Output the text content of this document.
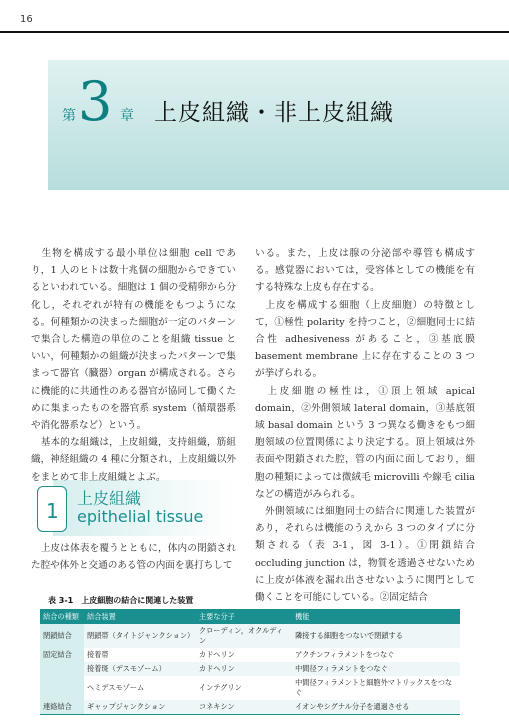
16
第 3 章 上皮組織・非上皮組織

　生物を構成する最小単位は細胞 cell であり，1 人のヒトは数十兆個の細胞からできているといわれている。細胞は 1 個の受精卵から分化し，それぞれが特有の機能をもつようになる。何種類かの決まった細胞が一定のパターンで集合した構造の単位のことを組織 tissue といい，何種類かの組織が決まったパターンで集まって器官（臓器）organ が構成される。さらに機能的に共通性のある器官が協同して働くために集まったものを器官系 system（循環器系や消化器系など）という。

　基本的な組織は，上皮組織，支持組織，筋組織，神経組織の 4 種に分類され，上皮組織以外をまとめて非上皮組織とよぶ。

1
上皮組織
epithelial tissue

　上皮は体表を覆うとともに，体内の閉鎖された腔や体外と交通のある管の内面を裏打ちして

いる。また，上皮は腺の分泌部や導管も構成する。感覚器においては，受容体としての機能を有する特殊な上皮も存在する。

　上皮を構成する細胞（上皮細胞）の特徴として，①極性 polarity を持つこと，②細胞同士に結合性 adhesiveness があること，③基底膜 basement membrane 上に存在することの 3 つが挙げられる。

　上皮細胞の極性は，①頂上領域 apical domain，②外側領域 lateral domain，③基底領域 basal domain という 3 つ異なる働きをもつ細胞領域の位置関係により決定する。頂上領域は外表面や閉鎖された腔，管の内面に面しており，細胞の種類によっては微絨毛 microvilli や線毛 cilia などの構造がみられる。

　外側領域には細胞同士の結合に関連した装置があり，それらは機能のうえから 3 つのタイプに分類される（表 3-1，図 3-1）。①閉鎖結合 occluding junction は，物質を透過させないために上皮が体液を漏れ出させないように関門として働くことを可能にしている。②固定結合

表 3-1　上皮細胞の結合に関連した装置
結合の種類	結合装置	主要な分子	機能
閉鎖結合	閉鎖帯（タイトジャンクション）	クローディン，オクルディン	隣接する細胞をつないで閉鎖する
固定結合	接着帯	カドヘリン	アクチンフィラメントをつなぐ
	接着斑（デスモゾーム）	カドヘリン	中間径フィラメントをつなぐ
	ヘミデスモゾーム	インテグリン	中間径フィラメントと細胞外マトリックスをつなぐ
連絡結合	ギャップジャンクション	コネキシン	イオンやシグナル分子を通過させる
